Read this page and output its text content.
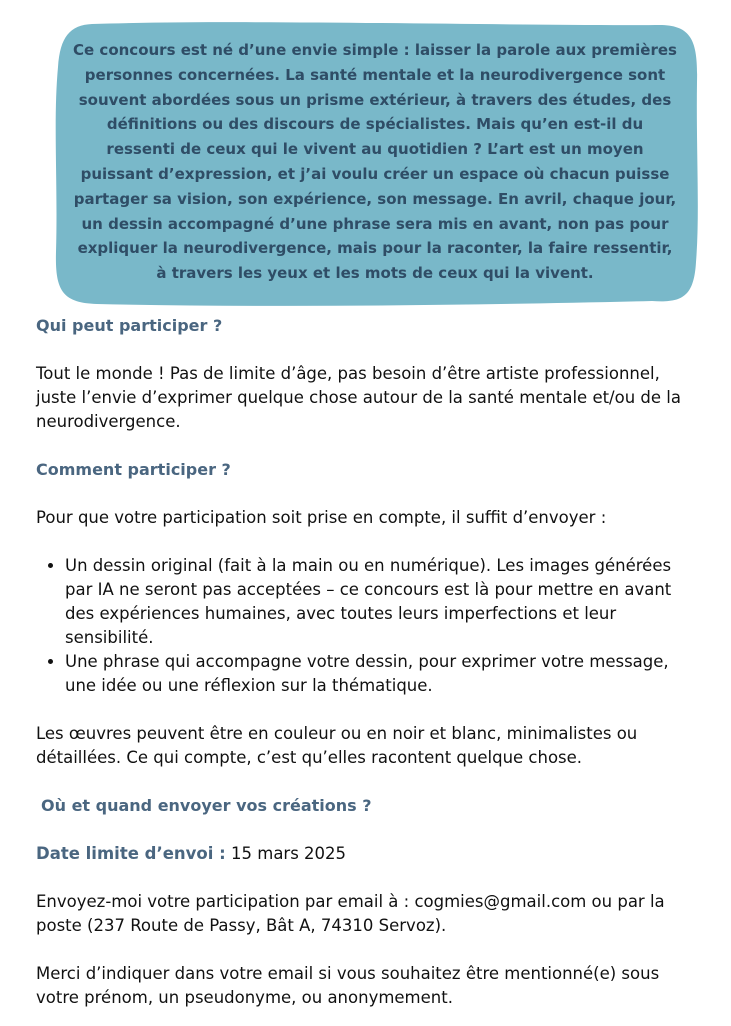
Ce concours est né d’une envie simple : laisser la parole aux premières personnes concernées. La santé mentale et la neurodivergence sont souvent abordées sous un prisme extérieur, à travers des études, des définitions ou des discours de spécialistes. Mais qu’en est-il du ressenti de ceux qui le vivent au quotidien ? L’art est un moyen puissant d’expression, et j’ai voulu créer un espace où chacun puisse partager sa vision, son expérience, son message. En avril, chaque jour, un dessin accompagné d’une phrase sera mis en avant, non pas pour expliquer la neurodivergence, mais pour la raconter, la faire ressentir, à travers les yeux et les mots de ceux qui la vivent.

Qui peut participer ?

Tout le monde ! Pas de limite d’âge, pas besoin d’être artiste professionnel, juste l’envie d’exprimer quelque chose autour de la santé mentale et/ou de la neurodivergence.

Comment participer ?

Pour que votre participation soit prise en compte, il suffit d’envoyer :

• Un dessin original (fait à la main ou en numérique). Les images générées par IA ne seront pas acceptées – ce concours est là pour mettre en avant des expériences humaines, avec toutes leurs imperfections et leur sensibilité.
• Une phrase qui accompagne votre dessin, pour exprimer votre message, une idée ou une réflexion sur la thématique.

Les œuvres peuvent être en couleur ou en noir et blanc, minimalistes ou détaillées. Ce qui compte, c’est qu’elles racontent quelque chose.

Où et quand envoyer vos créations ?

Date limite d’envoi : 15 mars 2025

Envoyez-moi votre participation par email à : cogmies@gmail.com ou par la poste (237 Route de Passy, Bât A, 74310 Servoz).

Merci d’indiquer dans votre email si vous souhaitez être mentionné(e) sous votre prénom, un pseudonyme, ou anonymement.
